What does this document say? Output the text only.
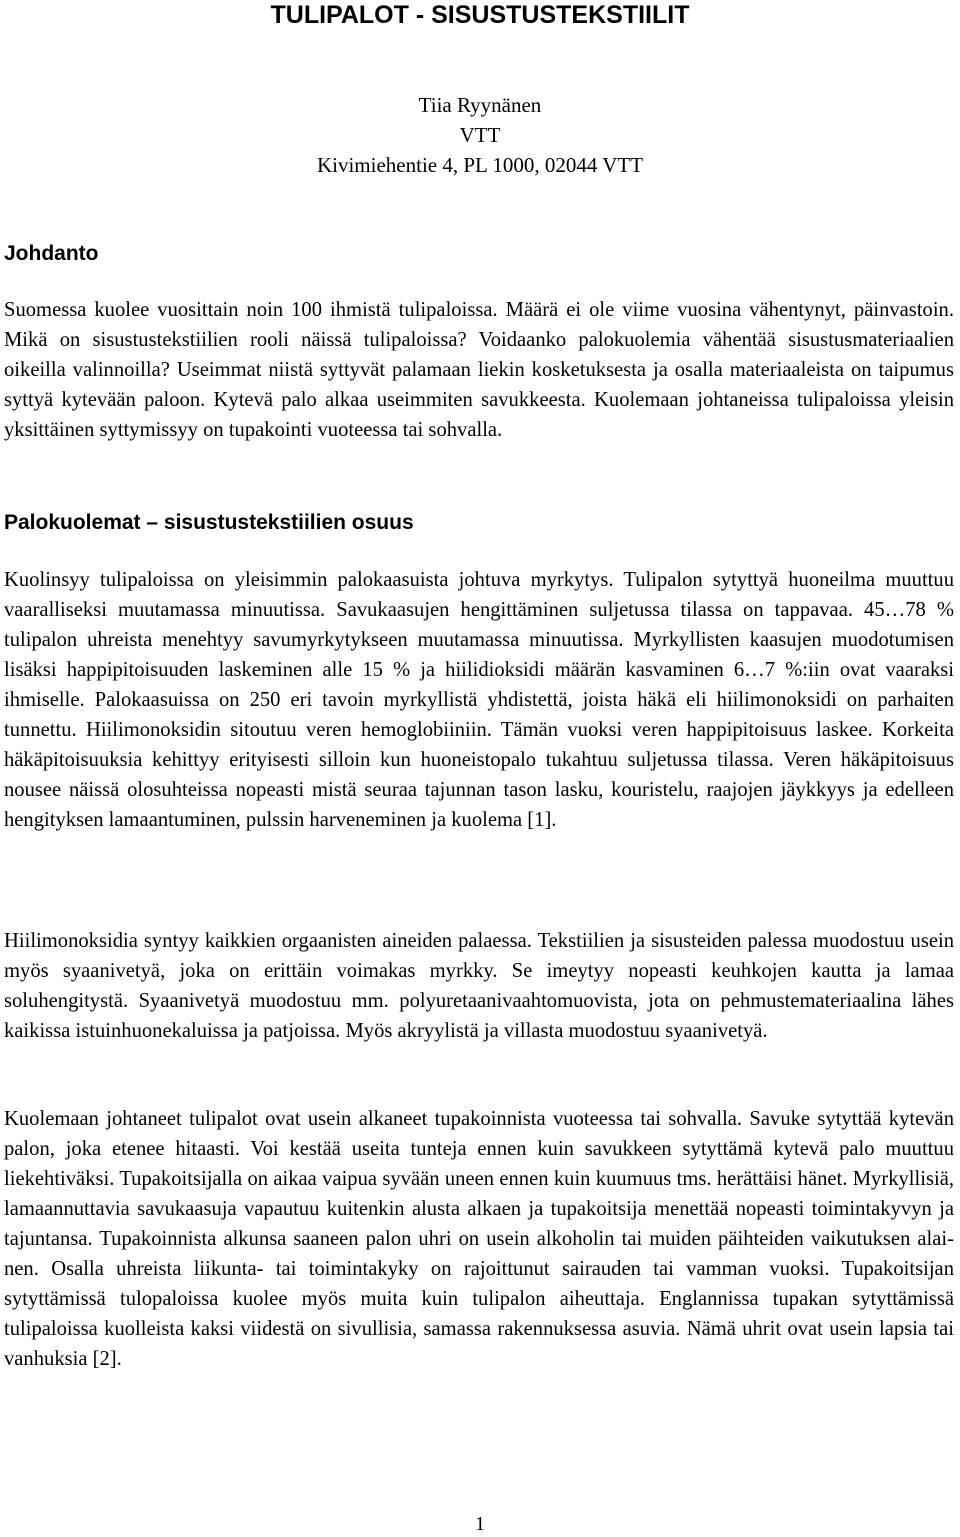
TULIPALOT - SISUSTUSTEKSTIILIT
Tiia Ryynänen
VTT
Kivimiehentie 4, PL 1000, 02044 VTT
Johdanto

Suomessa kuolee vuosittain noin 100 ihmistä tulipaloissa. Määrä ei ole viime vuosina vähentynyt, päinvastoin. Mikä on sisustustekstiilien rooli näissä tulipaloissa? Voidaanko palokuolemia vähentää sisustusmateriaalien oikeilla valinnoilla? Useimmat niistä syttyvät palamaan liekin kosketuksesta ja osalla materiaaleista on taipumus syttyä kytevään paloon. Kytevä palo alkaa useimmiten savukkeesta. Kuolemaan johtaneissa tulipaloissa yleisin yksittäinen syttymissyy on tupakointi vuoteessa tai sohvalla.

Palokuolemat – sisustustekstiilien osuus

Kuolinsyy tulipaloissa on yleisimmin palokaasuista johtuva myrkytys. Tulipalon sytyttyä huoneilma muuttuu vaaralliseksi muutamassa minuutissa. Savukaasujen hengittäminen suljetussa tilassa on tappavaa. 45…78 % tulipalon uhreista menehtyy savumyrkytykseen muutamassa minuutissa. Myrkyllisten kaasujen muodotumisen lisäksi happipitoisuuden laskeminen alle 15 % ja hiilidioksidi määrän kasvaminen 6…7 %:iin ovat vaaraksi ihmiselle. Palokaasuissa on 250 eri tavoin myrkyllistä yhdistettä, joista häkä eli hiilimonoksidi on parhaiten tunnettu. Hiilimonoksidin sitoutuu veren hemoglobiiniin. Tämän vuoksi veren happipitoisuus laskee. Korkeita häkäpitoisuuksia kehittyy erityisesti silloin kun huoneistopalo tukahtuu suljetussa tilassa. Veren häkäpitoisuus nousee näissä olosuhteissa nopeasti mistä seuraa tajunnan tason lasku, kouristelu, raajojen jäykkyys ja edelleen hengityksen lamaantuminen, pulssin harveneminen ja kuolema [1].

Hiilimonoksidia syntyy kaikkien orgaanisten aineiden palaessa. Tekstiilien ja sisusteiden palessa muodostuu usein myös syaanivetyä, joka on erittäin voimakas myrkky. Se imeytyy nopeasti keuhkojen kautta ja lamaa soluhengitystä. Syaanivetyä muodostuu mm. polyuretaanivaahtomuovista, jota on pehmustemateriaalina lähes kaikissa istuinhuonekaluissa ja patjoissa. Myös akryylistä ja villasta muodostuu syaanivetyä.

Kuolemaan johtaneet tulipalot ovat usein alkaneet tupakoinnista vuoteessa tai sohvalla. Savuke sytyttää kytevän palon, joka etenee hitaasti. Voi kestää useita tunteja ennen kuin savukkeen sytyttämä kytevä palo muuttuu liekehtiväksi. Tupakoitsijalla on aikaa vaipua syvään uneen ennen kuin kuumuus tms. herättäisi hänet. Myrkyllisiä, lamaannuttavia savukaasuja vapautuu kuitenkin alusta alkaen ja tupakoitsija menettää nopeasti toimintakyvyn ja tajuntansa. Tupakoinnista alkunsa saaneen palon uhri on usein alkoholin tai muiden päihteiden vaikutuksen alainen. Osalla uhreista liikunta- tai toimintakyky on rajoittunut sairauden tai vamman vuoksi. Tupakoitsijan sytyttämissä tulopaloissa kuolee myös muita kuin tulipalon aiheuttaja. Englannissa tupakan sytyttämissä tulipaloissa kuolleista kaksi viidestä on sivullisia, samassa rakennuksessa asuvia. Nämä uhrit ovat usein lapsia tai vanhuksia [2].

1
